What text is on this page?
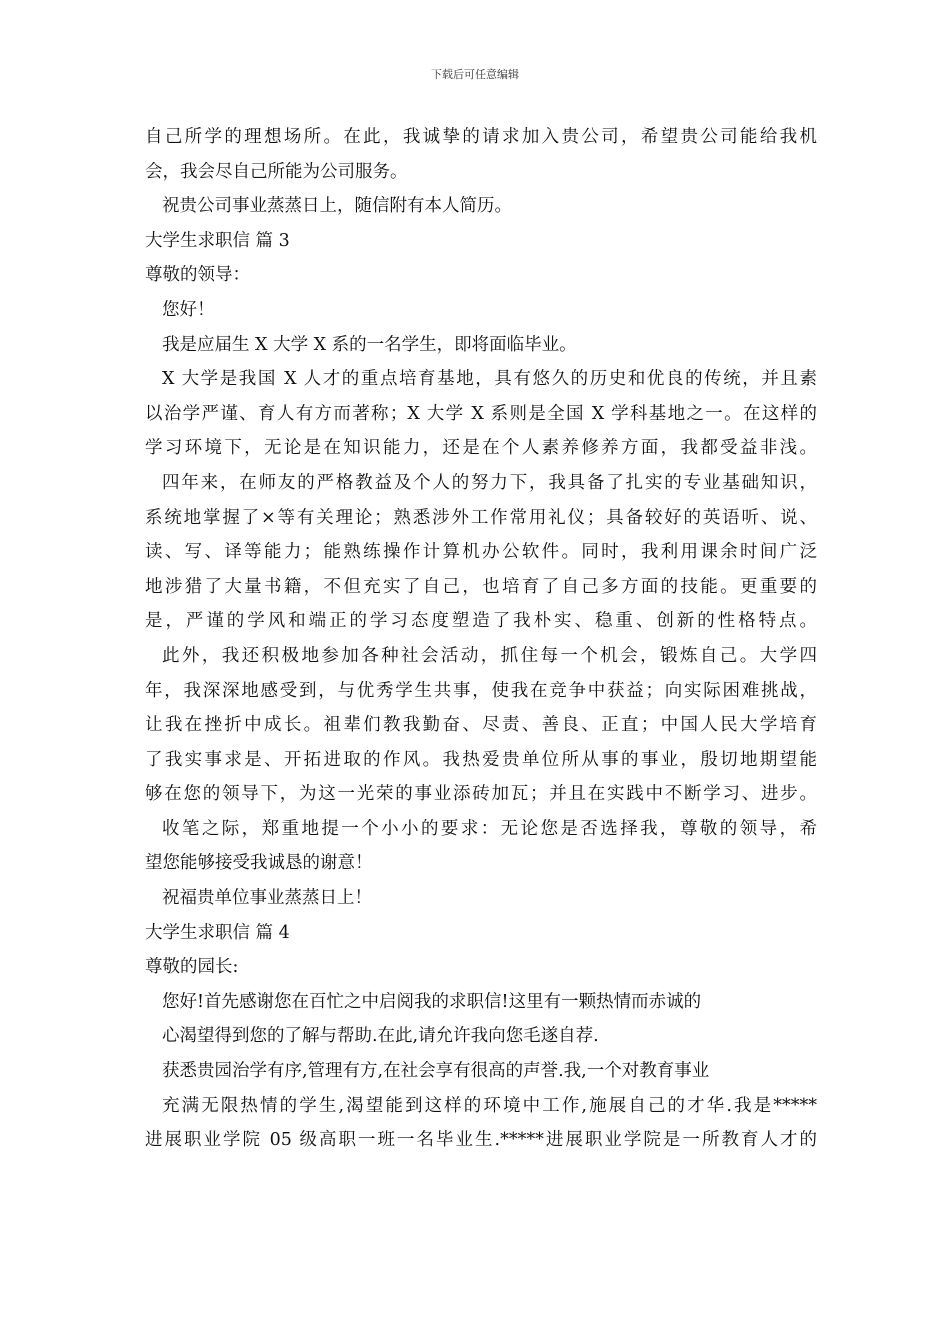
下载后可任意编辑
自己所学的理想场所。在此，我诚挚的请求加入贵公司，希望贵公司能给我机
会，我会尽自己所能为公司服务。
祝贵公司事业蒸蒸日上，随信附有本人简历。
大学生求职信 篇 3
尊敬的领导：
您好！
我是应届生 X 大学 X 系的一名学生，即将面临毕业。
X 大学是我国 X 人才的重点培育基地，具有悠久的历史和优良的传统，并且素
以治学严谨、育人有方而著称；X 大学 X 系则是全国 X 学科基地之一。在这样的
学习环境下，无论是在知识能力，还是在个人素养修养方面，我都受益非浅。
四年来，在师友的严格教益及个人的努力下，我具备了扎实的专业基础知识，
系统地掌握了×等有关理论；熟悉涉外工作常用礼仪；具备较好的英语听、说、
读、写、译等能力；能熟练操作计算机办公软件。同时，我利用课余时间广泛
地涉猎了大量书籍，不但充实了自己，也培育了自己多方面的技能。更重要的
是，严谨的学风和端正的学习态度塑造了我朴实、稳重、创新的性格特点。
此外，我还积极地参加各种社会活动，抓住每一个机会，锻炼自己。大学四
年，我深深地感受到，与优秀学生共事，使我在竞争中获益；向实际困难挑战，
让我在挫折中成长。祖辈们教我勤奋、尽责、善良、正直；中国人民大学培育
了我实事求是、开拓进取的作风。我热爱贵单位所从事的事业，殷切地期望能
够在您的领导下，为这一光荣的事业添砖加瓦；并且在实践中不断学习、进步。
收笔之际，郑重地提一个小小的要求：无论您是否选择我，尊敬的领导，希
望您能够接受我诚恳的谢意！
祝福贵单位事业蒸蒸日上！
大学生求职信 篇 4
尊敬的园长:
您好!首先感谢您在百忙之中启阅我的求职信!这里有一颗热情而赤诚的
心渴望得到您的了解与帮助.在此,请允许我向您毛遂自荐.
获悉贵园治学有序,管理有方,在社会享有很高的声誉.我,一个对教育事业
充满无限热情的学生,渴望能到这样的环境中工作,施展自己的才华.我是*****
进展职业学院 05 级高职一班一名毕业生.*****进展职业学院是一所教育人才的
